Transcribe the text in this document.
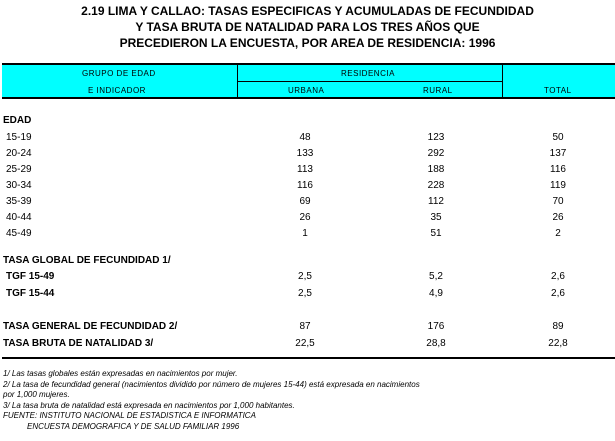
2.19 LIMA Y CALLAO: TASAS ESPECIFICAS Y ACUMULADAS DE FECUNDIDAD
Y TASA BRUTA DE NATALIDAD PARA LOS TRES AÑOS QUE
PRECEDIERON LA ENCUESTA, POR AREA DE RESIDENCIA: 1996
GRUPO DE EDAD
E INDICADOR
RESIDENCIA
URBANA	RURAL	TOTAL
EDAD
15-19	48	123	50
20-24	133	292	137
25-29	113	188	116
30-34	116	228	119
35-39	69	112	70
40-44	26	35	26
45-49	1	51	2
TASA GLOBAL DE FECUNDIDAD 1/
TGF 15-49	2,5	5,2	2,6
TGF 15-44	2,5	4,9	2,6
TASA GENERAL DE FECUNDIDAD 2/	87	176	89
TASA BRUTA DE NATALIDAD 3/	22,5	28,8	22,8
1/ Las tasas globales están expresadas en nacimientos por mujer.
2/ La tasa de fecundidad general (nacimientos dividido por número de mujeres 15-44) está expresada en nacimientos
por 1,000 mujeres.
3/ La tasa bruta de natalidad está expresada en nacimientos por 1,000 habitantes.
FUENTE: INSTITUTO NACIONAL DE ESTADISTICA E INFORMATICA
ENCUESTA DEMOGRAFICA Y DE SALUD FAMILIAR 1996
